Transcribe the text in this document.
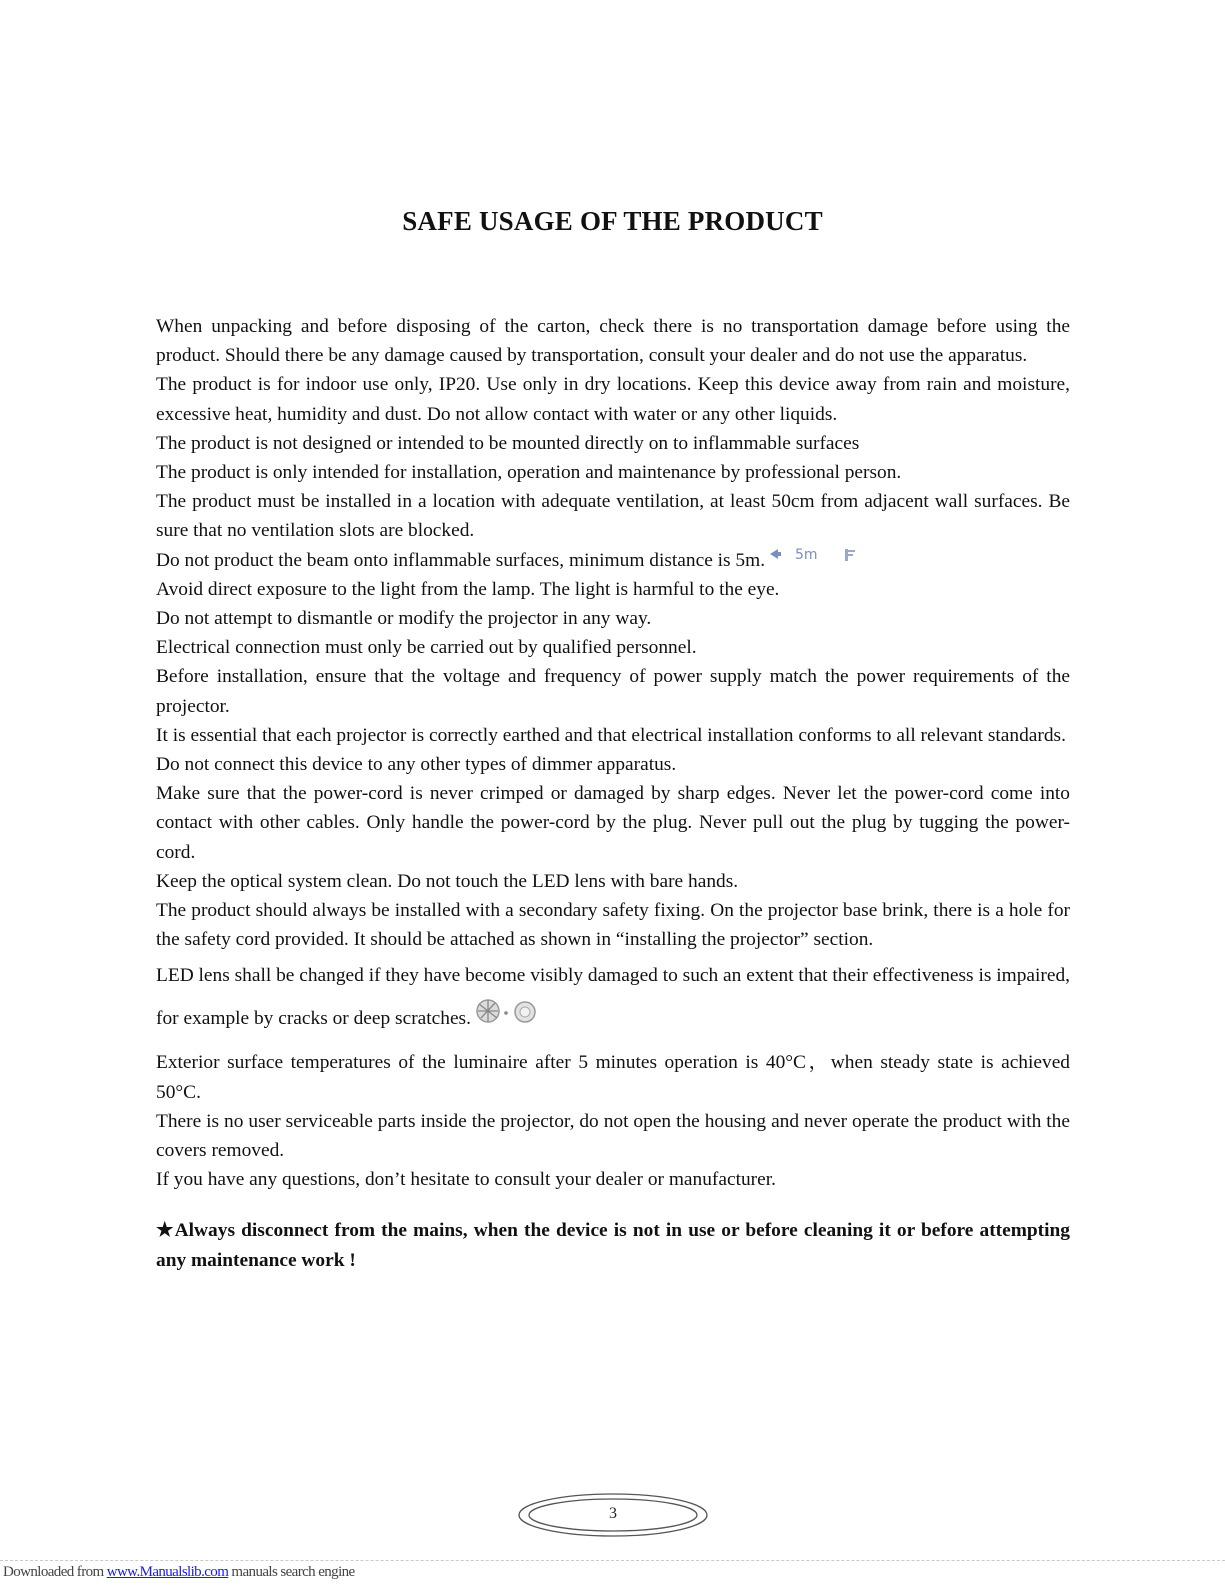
SAFE USAGE OF THE PRODUCT

When unpacking and before disposing of the carton, check there is no transportation damage before using the product. Should there be any damage caused by transportation, consult your dealer and do not use the apparatus.

The product is for indoor use only, IP20. Use only in dry locations. Keep this device away from rain and moisture, excessive heat, humidity and dust. Do not allow contact with water or any other liquids.

The product is not designed or intended to be mounted directly on to inflammable surfaces

The product is only intended for installation, operation and maintenance by professional person.

The product must be installed in a location with adequate ventilation, at least 50cm from adjacent wall surfaces. Be sure that no ventilation slots are blocked.

Do not product the beam onto inflammable surfaces, minimum distance is 5m. 5m

Avoid direct exposure to the light from the lamp. The light is harmful to the eye.

Do not attempt to dismantle or modify the projector in any way.

Electrical connection must only be carried out by qualified personnel.

Before installation, ensure that the voltage and frequency of power supply match the power requirements of the projector.

It is essential that each projector is correctly earthed and that electrical installation conforms to all relevant standards.

Do not connect this device to any other types of dimmer apparatus.

Make sure that the power-cord is never crimped or damaged by sharp edges. Never let the power-cord come into contact with other cables. Only handle the power-cord by the plug. Never pull out the plug by tugging the power-cord.

Keep the optical system clean. Do not touch the LED lens with bare hands.

The product should always be installed with a secondary safety fixing. On the projector base brink, there is a hole for the safety cord provided. It should be attached as shown in “installing the projector” section.

LED lens shall be changed if they have become visibly damaged to such an extent that their effectiveness is impaired, for example by cracks or deep scratches.

Exterior surface temperatures of the luminaire after 5 minutes operation is 40°C，when steady state is achieved 50°C.

There is no user serviceable parts inside the projector, do not open the housing and never operate the product with the covers removed.

If you have any questions, don’t hesitate to consult your dealer or manufacturer.

★Always disconnect from the mains, when the device is not in use or before cleaning it or before attempting any maintenance work !

3
Downloaded from www.Manualslib.com manuals search engine
